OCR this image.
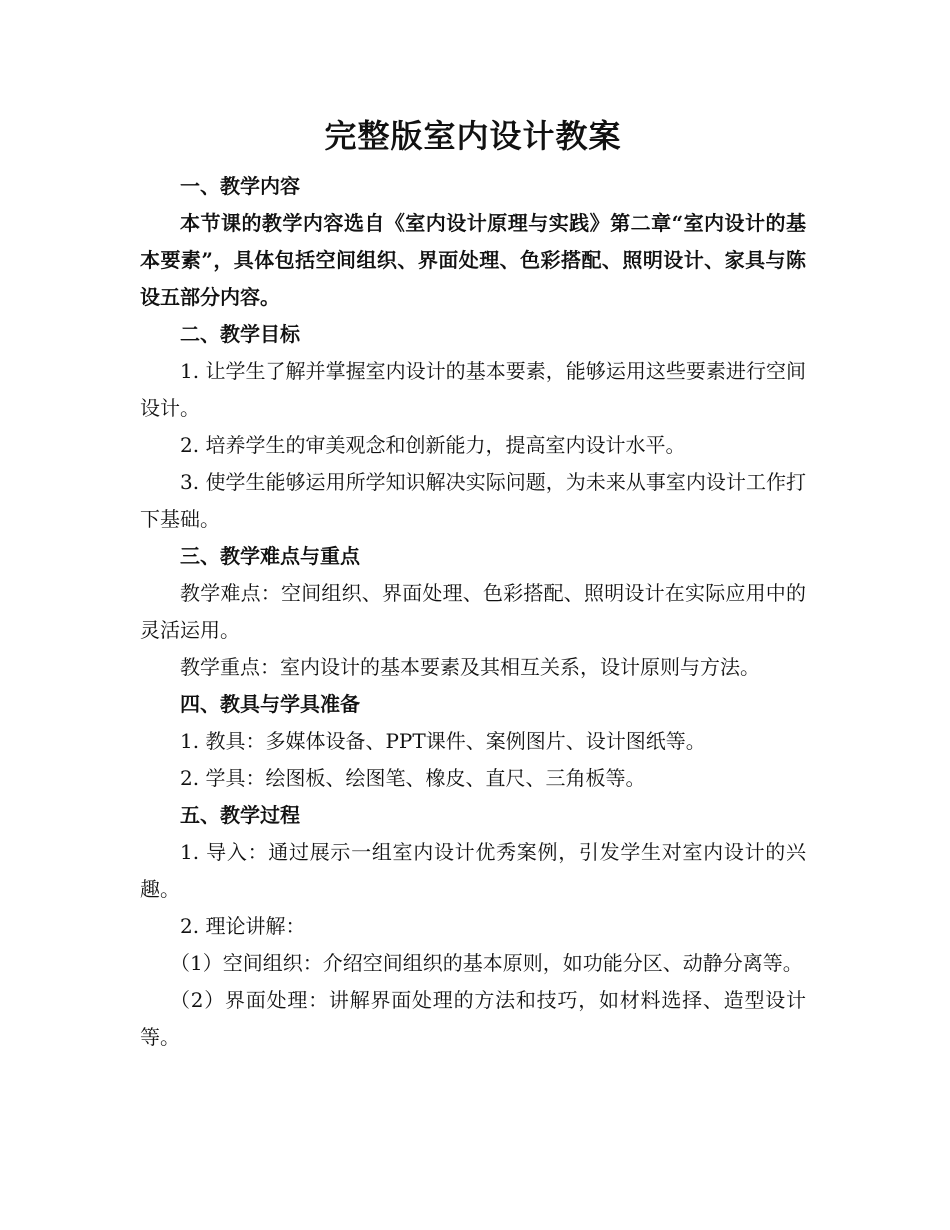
完整版室内设计教案

一、教学内容

本节课的教学内容选自《室内设计原理与实践》第二章“室内设计的基本要素”，具体包括空间组织、界面处理、色彩搭配、照明设计、家具与陈设五部分内容。

二、教学目标

1. 让学生了解并掌握室内设计的基本要素，能够运用这些要素进行空间设计。

2. 培养学生的审美观念和创新能力，提高室内设计水平。

3. 使学生能够运用所学知识解决实际问题，为未来从事室内设计工作打下基础。

三、教学难点与重点

教学难点：空间组织、界面处理、色彩搭配、照明设计在实际应用中的灵活运用。

教学重点：室内设计的基本要素及其相互关系，设计原则与方法。

四、教具与学具准备

1. 教具：多媒体设备、PPT课件、案例图片、设计图纸等。

2. 学具：绘图板、绘图笔、橡皮、直尺、三角板等。

五、教学过程

1. 导入：通过展示一组室内设计优秀案例，引发学生对室内设计的兴趣。

2. 理论讲解：

（1）空间组织：介绍空间组织的基本原则，如功能分区、动静分离等。

（2）界面处理：讲解界面处理的方法和技巧，如材料选择、造型设计等。
